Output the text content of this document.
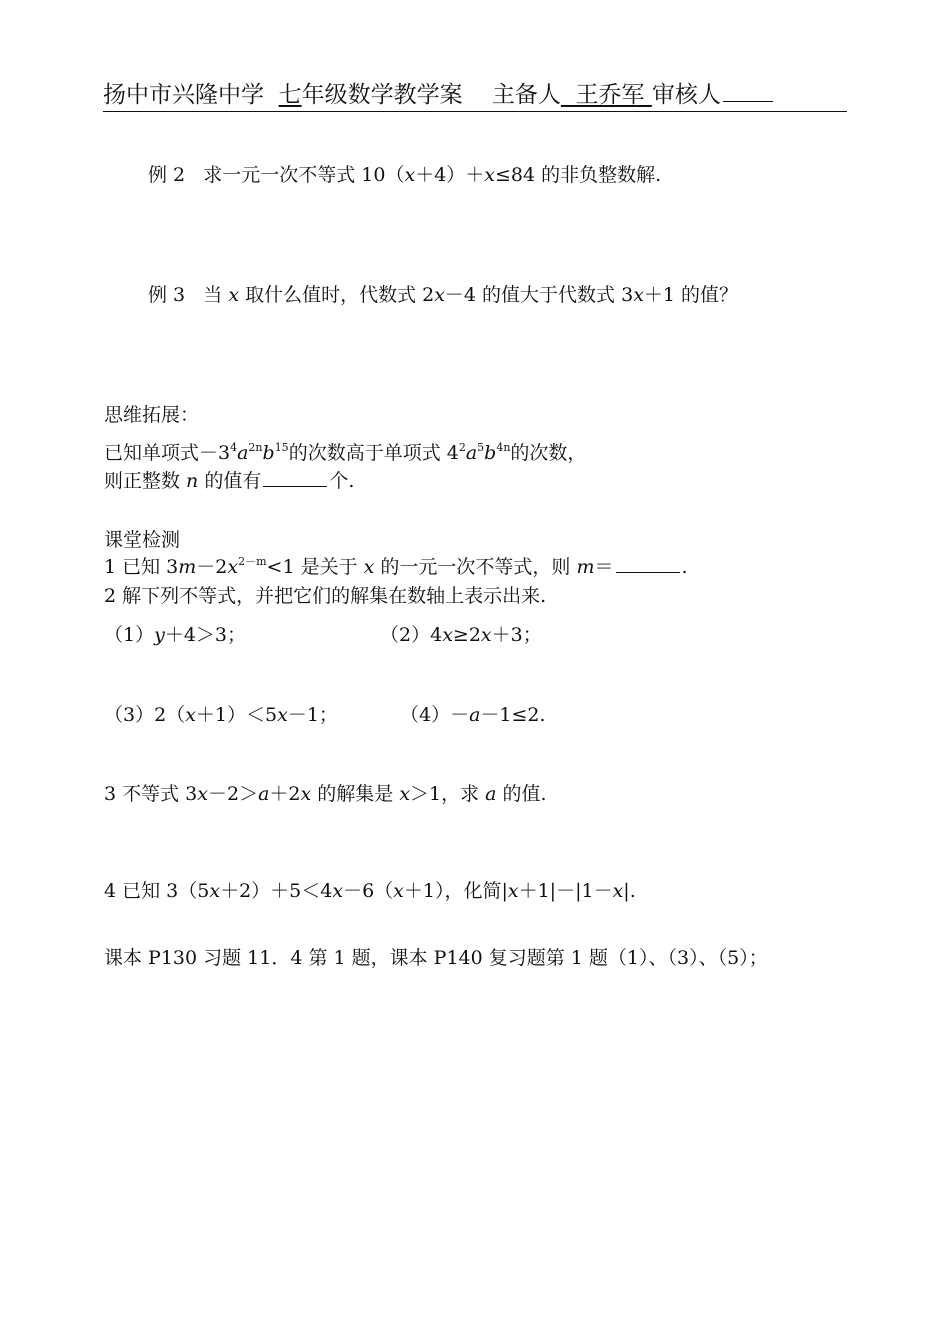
扬中市兴隆中学 七年级数学教学案 主备人 王乔军 审核人
例 2 求一元一次不等式 10（x＋4）＋x≤84 的非负整数解.
例 3 当 x 取什么值时，代数式 2x－4 的值大于代数式 3x＋1 的值？
思维拓展：
已知单项式$-3^4a^{2n}b^{15}$的次数高于单项式 $4^2a^5b^{4n}$的次数，
则正整数 n 的值有	个.
课堂检测
1 已知 $3m-2x^{2-m}<1$ 是关于 x 的一元一次不等式，则 m＝	.
2 解下列不等式，并把它们的解集在数轴上表示出来.
（1）y＋4＞3；	（2）4x≥2x＋3；
（3）2（x＋1）＜5x－1；	（4）－a－1≤2.
3 不等式 3x－2＞a＋2x 的解集是 x＞1，求 a 的值.
4 已知 3（5x＋2）＋5＜4x－6（x＋1），化简|x＋1|－|1－x|.
课本 P130 习题 11．4 第 1 题，课本 P140 复习题第 1 题（1）、（3）、（5）；
